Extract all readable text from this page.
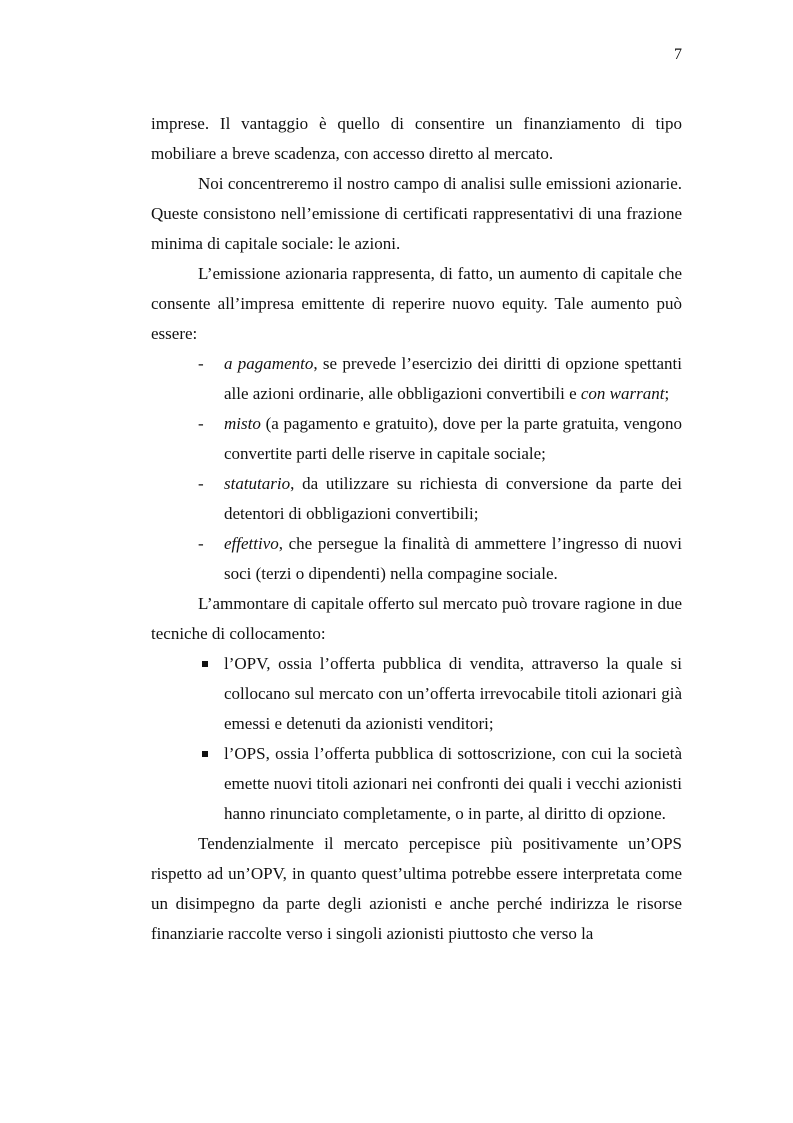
7

imprese. Il vantaggio è quello di consentire un finanziamento di tipo mobiliare a breve scadenza, con accesso diretto al mercato.

Noi concentreremo il nostro campo di analisi sulle emissioni azionarie. Queste consistono nell’emissione di certificati rappresentativi di una frazione minima di capitale sociale: le azioni.

L’emissione azionaria rappresenta, di fatto, un aumento di capitale che consente all’impresa emittente di reperire nuovo equity. Tale aumento può essere:

- a pagamento, se prevede l’esercizio dei diritti di opzione spettanti alle azioni ordinarie, alle obbligazioni convertibili e con warrant;
- misto (a pagamento e gratuito), dove per la parte gratuita, vengono convertite parti delle riserve in capitale sociale;
- statutario, da utilizzare su richiesta di conversione da parte dei detentori di obbligazioni convertibili;
- effettivo, che persegue la finalità di ammettere l’ingresso di nuovi soci (terzi o dipendenti) nella compagine sociale.

L’ammontare di capitale offerto sul mercato può trovare ragione in due tecniche di collocamento:

l’OPV, ossia l’offerta pubblica di vendita, attraverso la quale si collocano sul mercato con un’offerta irrevocabile titoli azionari già emessi e detenuti da azionisti venditori;
l’OPS, ossia l’offerta pubblica di sottoscrizione, con cui la società emette nuovi titoli azionari nei confronti dei quali i vecchi azionisti hanno rinunciato completamente, o in parte, al diritto di opzione.

Tendenzialmente il mercato percepisce più positivamente un’OPS rispetto ad un’OPV, in quanto quest’ultima potrebbe essere interpretata come un disimpegno da parte degli azionisti e anche perché indirizza le risorse finanziarie raccolte verso i singoli azionisti piuttosto che verso la
